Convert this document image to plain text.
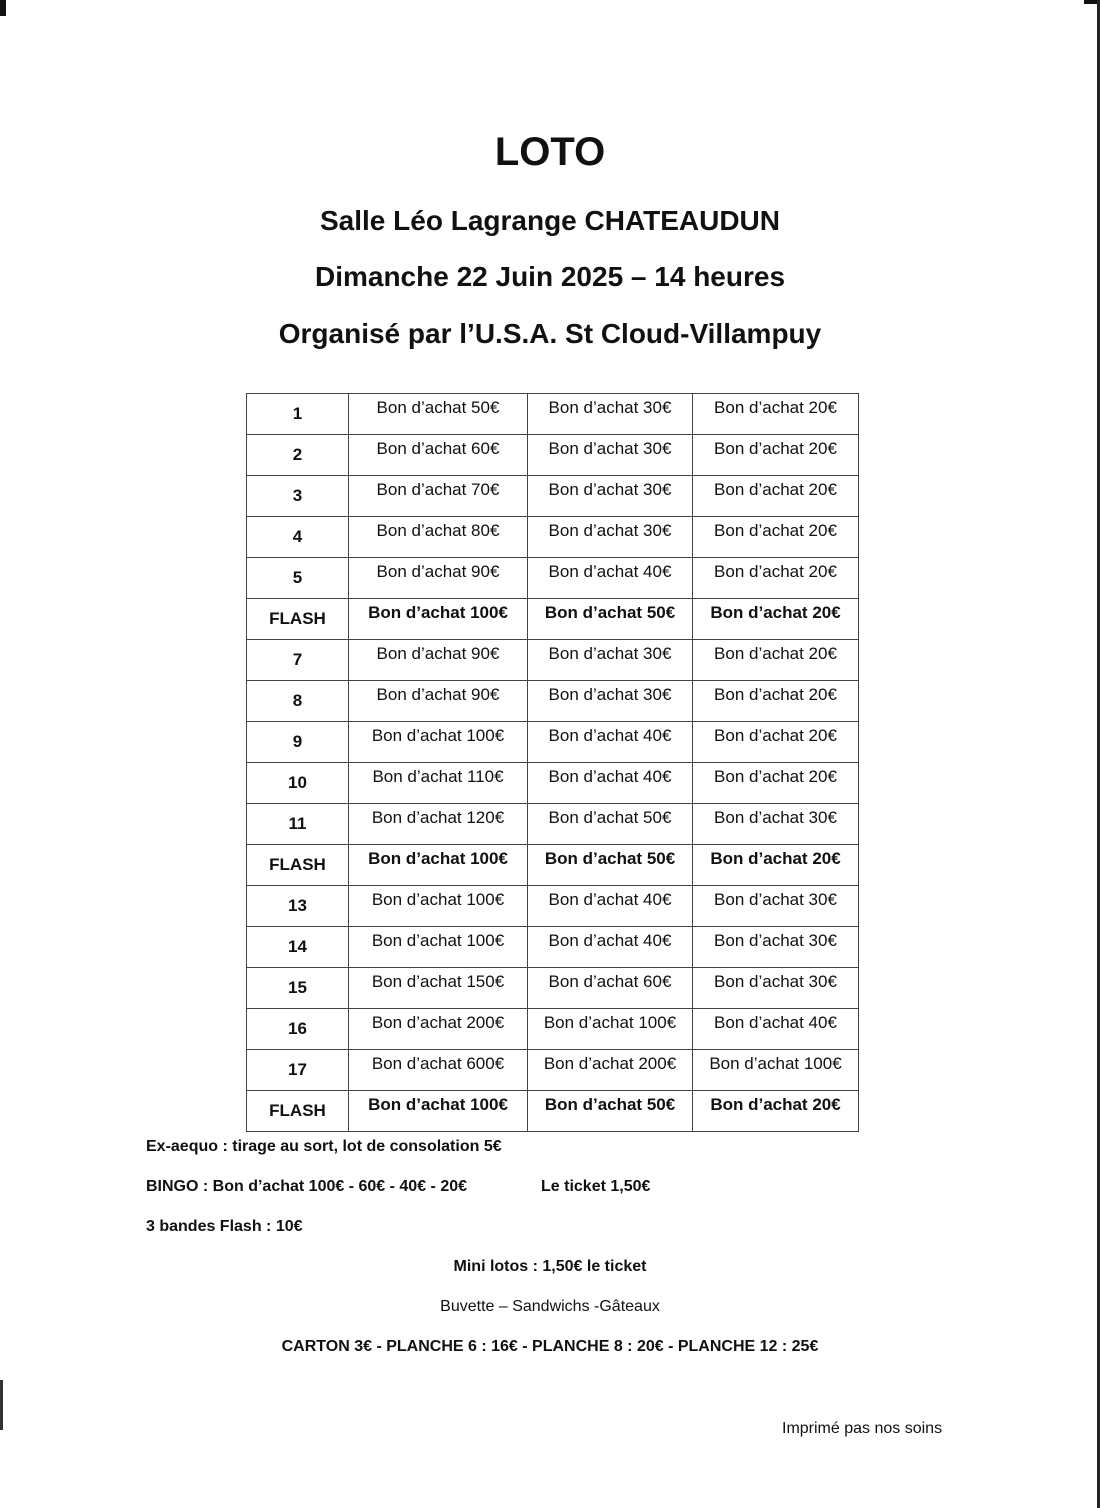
LOTO
Salle Léo Lagrange CHATEAUDUN
Dimanche 22 Juin 2025 – 14 heures
Organisé par l’U.S.A. St Cloud-Villampuy
1	Bon d’achat 50€	Bon d’achat 30€	Bon d’achat 20€
2	Bon d’achat 60€	Bon d’achat 30€	Bon d’achat 20€
3	Bon d’achat 70€	Bon d’achat 30€	Bon d’achat 20€
4	Bon d’achat 80€	Bon d’achat 30€	Bon d’achat 20€
5	Bon d’achat 90€	Bon d’achat 40€	Bon d’achat 20€
FLASH	Bon d’achat 100€	Bon d’achat 50€	Bon d’achat 20€
7	Bon d’achat 90€	Bon d’achat 30€	Bon d’achat 20€
8	Bon d’achat 90€	Bon d’achat 30€	Bon d’achat 20€
9	Bon d’achat 100€	Bon d’achat 40€	Bon d’achat 20€
10	Bon d’achat 110€	Bon d’achat 40€	Bon d’achat 20€
11	Bon d’achat 120€	Bon d’achat 50€	Bon d’achat 30€
FLASH	Bon d’achat 100€	Bon d’achat 50€	Bon d’achat 20€
13	Bon d’achat 100€	Bon d’achat 40€	Bon d’achat 30€
14	Bon d’achat 100€	Bon d’achat 40€	Bon d’achat 30€
15	Bon d’achat 150€	Bon d’achat 60€	Bon d’achat 30€
16	Bon d’achat 200€	Bon d’achat 100€	Bon d’achat 40€
17	Bon d’achat 600€	Bon d’achat 200€	Bon d’achat 100€
FLASH	Bon d’achat 100€	Bon d’achat 50€	Bon d’achat 20€
Ex-aequo : tirage au sort, lot de consolation 5€
BINGO : Bon d’achat 100€ - 60€ - 40€ - 20€	Le ticket 1,50€
3 bandes Flash : 10€
Mini lotos : 1,50€ le ticket
Buvette – Sandwichs -Gâteaux
CARTON 3€ - PLANCHE 6 : 16€ - PLANCHE 8 : 20€ - PLANCHE 12 : 25€
Imprimé pas nos soins
